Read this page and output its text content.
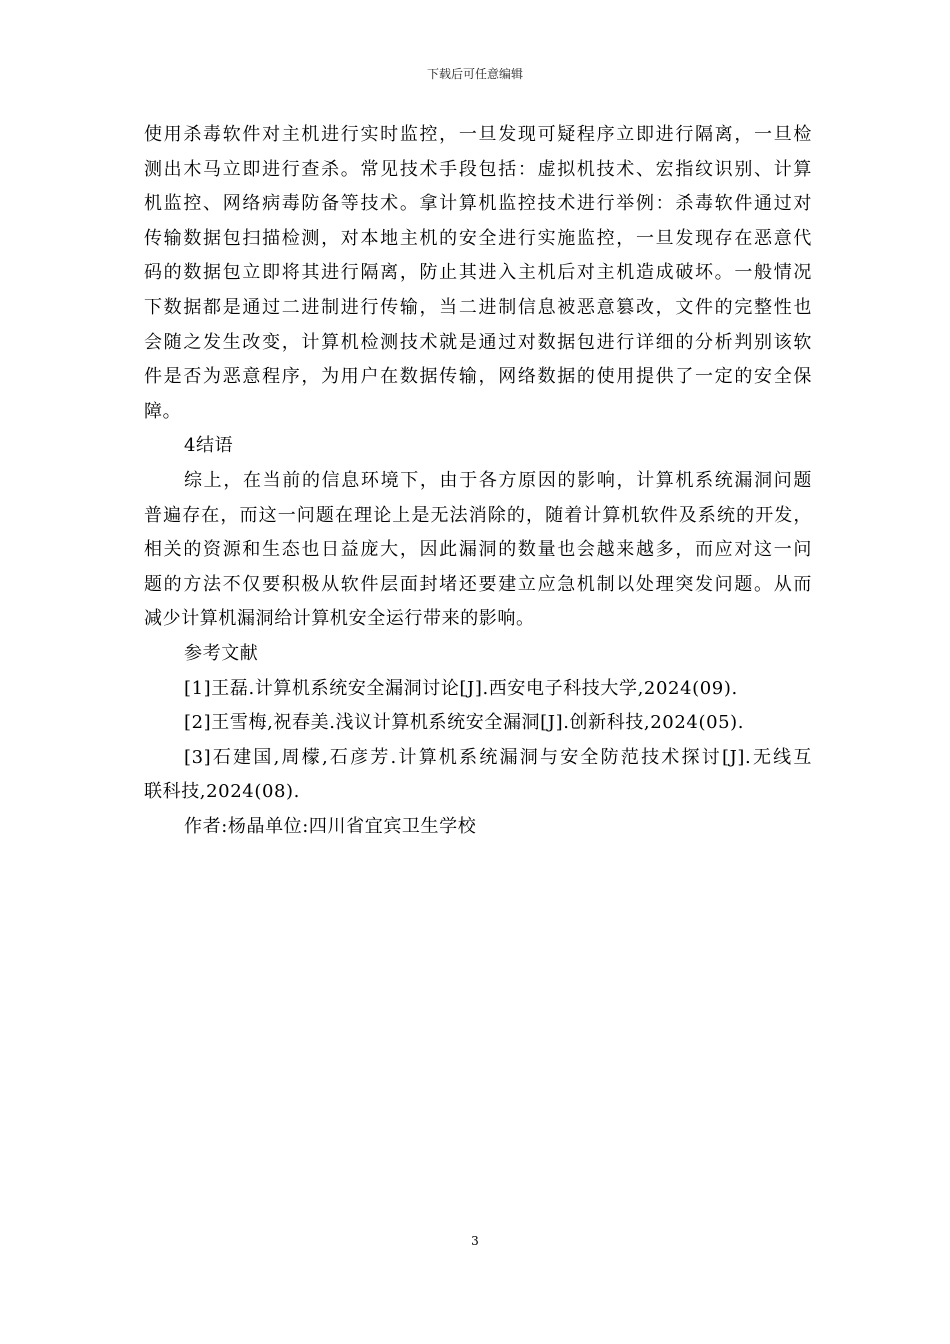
下载后可任意编辑
使用杀毒软件对主机进行实时监控，一旦发现可疑程序立即进行隔离，一旦检
测出木马立即进行查杀。常见技术手段包括：虚拟机技术、宏指纹识别、计算
机监控、网络病毒防备等技术。拿计算机监控技术进行举例：杀毒软件通过对
传输数据包扫描检测，对本地主机的安全进行实施监控，一旦发现存在恶意代
码的数据包立即将其进行隔离，防止其进入主机后对主机造成破坏。一般情况
下数据都是通过二进制进行传输，当二进制信息被恶意篡改，文件的完整性也
会随之发生改变，计算机检测技术就是通过对数据包进行详细的分析判别该软
件是否为恶意程序，为用户在数据传输，网络数据的使用提供了一定的安全保
障。
4结语
综上，在当前的信息环境下，由于各方原因的影响，计算机系统漏洞问题
普遍存在，而这一问题在理论上是无法消除的，随着计算机软件及系统的开发，
相关的资源和生态也日益庞大，因此漏洞的数量也会越来越多，而应对这一问
题的方法不仅要积极从软件层面封堵还要建立应急机制以处理突发问题。从而
减少计算机漏洞给计算机安全运行带来的影响。
参考文献
[1]王磊.计算机系统安全漏洞讨论[J].西安电子科技大学,2024(09).
[2]王雪梅,祝春美.浅议计算机系统安全漏洞[J].创新科技,2024(05).
[3]石建国,周檬,石彦芳.计算机系统漏洞与安全防范技术探讨[J].无线互
联科技,2024(08).
作者:杨晶单位:四川省宜宾卫生学校
3
